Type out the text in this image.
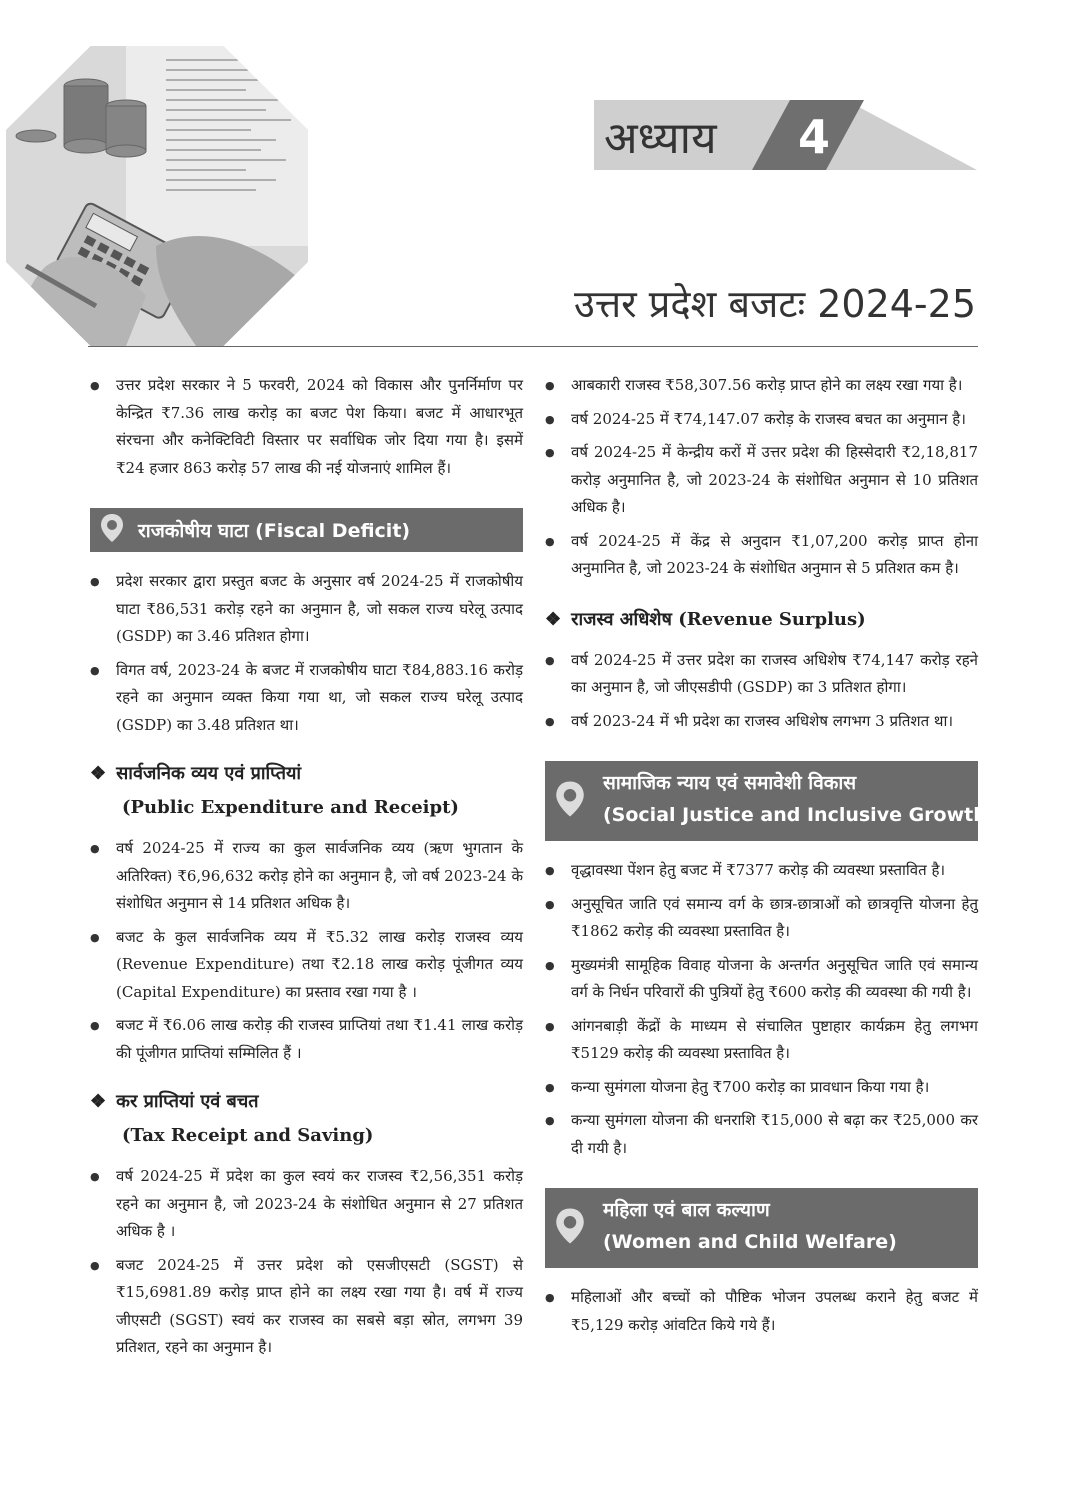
अध्याय 4
उत्तर प्रदेश बजटः 2024-25
● उत्तर प्रदेश सरकार ने 5 फरवरी, 2024 को विकास और पुनर्निर्माण पर केन्द्रित ₹7.36 लाख करोड़ का बजट पेश किया। बजट में आधारभूत संरचना और कनेक्टिविटी विस्तार पर सर्वाधिक जोर दिया गया है। इसमें ₹24 हजार 863 करोड़ 57 लाख की नई योजनाएं शामिल हैं।
राजकोषीय घाटा (Fiscal Deficit)
● प्रदेश सरकार द्वारा प्रस्तुत बजट के अनुसार वर्ष 2024-25 में राजकोषीय घाटा ₹86,531 करोड़ रहने का अनुमान है, जो सकल राज्य घरेलू उत्पाद (GSDP) का 3.46 प्रतिशत होगा।
● विगत वर्ष, 2023-24 के बजट में राजकोषीय घाटा ₹84,883.16 करोड़ रहने का अनुमान व्यक्त किया गया था, जो सकल राज्य घरेलू उत्पाद (GSDP) का 3.48 प्रतिशत था।
❖ सार्वजनिक व्यय एवं प्राप्तियां
(Public Expenditure and Receipt)
● वर्ष 2024-25 में राज्य का कुल सार्वजनिक व्यय (ऋण भुगतान के अतिरिक्त) ₹6,96,632 करोड़ होने का अनुमान है, जो वर्ष 2023-24 के संशोधित अनुमान से 14 प्रतिशत अधिक है।
● बजट के कुल सार्वजनिक व्यय में ₹5.32 लाख करोड़ राजस्व व्यय (Revenue Expenditure) तथा ₹2.18 लाख करोड़ पूंजीगत व्यय (Capital Expenditure) का प्रस्ताव रखा गया है ।
● बजट में ₹6.06 लाख करोड़ की राजस्व प्राप्तियां तथा ₹1.41 लाख करोड़ की पूंजीगत प्राप्तियां सम्मिलित हैं ।
❖ कर प्राप्तियां एवं बचत
(Tax Receipt and Saving)
● वर्ष 2024-25 में प्रदेश का कुल स्वयं कर राजस्व ₹2,56,351 करोड़ रहने का अनुमान है, जो 2023-24 के संशोधित अनुमान से 27 प्रतिशत अधिक है ।
● बजट 2024-25 में उत्तर प्रदेश को एसजीएसटी (SGST) से ₹15,6981.89 करोड़ प्राप्त होने का लक्ष्य रखा गया है। वर्ष में राज्य जीएसटी (SGST) स्वयं कर राजस्व का सबसे बड़ा स्रोत, लगभग 39 प्रतिशत, रहने का अनुमान है।
● आबकारी राजस्व ₹58,307.56 करोड़ प्राप्त होने का लक्ष्य रखा गया है।
● वर्ष 2024-25 में ₹74,147.07 करोड़ के राजस्व बचत का अनुमान है।
● वर्ष 2024-25 में केन्द्रीय करों में उत्तर प्रदेश की हिस्सेदारी ₹2,18,817 करोड़ अनुमानित है, जो 2023-24 के संशोधित अनुमान से 10 प्रतिशत अधिक है।
● वर्ष 2024-25 में केंद्र से अनुदान ₹1,07,200 करोड़ प्राप्त होना अनुमानित है, जो 2023-24 के संशोधित अनुमान से 5 प्रतिशत कम है।
❖ राजस्व अधिशेष (Revenue Surplus)
● वर्ष 2024-25 में उत्तर प्रदेश का राजस्व अधिशेष ₹74,147 करोड़ रहने का अनुमान है, जो जीएसडीपी (GSDP) का 3 प्रतिशत होगा।
● वर्ष 2023-24 में भी प्रदेश का राजस्व अधिशेष लगभग 3 प्रतिशत था।
सामाजिक न्याय एवं समावेशी विकास
(Social Justice and Inclusive Growth)
● वृद्धावस्था पेंशन हेतु बजट में ₹7377 करोड़ की व्यवस्था प्रस्तावित है।
● अनुसूचित जाति एवं समान्य वर्ग के छात्र-छात्राओं को छात्रवृत्ति योजना हेतु ₹1862 करोड़ की व्यवस्था प्रस्तावित है।
● मुख्यमंत्री सामूहिक विवाह योजना के अन्तर्गत अनुसूचित जाति एवं समान्य वर्ग के निर्धन परिवारों की पुत्रियों हेतु ₹600 करोड़ की व्यवस्था की गयी है।
● आंगनबाड़ी केंद्रों के माध्यम से संचालित पुष्टाहार कार्यक्रम हेतु लगभग ₹5129 करोड़ की व्यवस्था प्रस्तावित है।
● कन्या सुमंगला योजना हेतु ₹700 करोड़ का प्रावधान किया गया है।
● कन्या सुमंगला योजना की धनराशि ₹15,000 से बढ़ा कर ₹25,000 कर दी गयी है।
महिला एवं बाल कल्याण
(Women and Child Welfare)
● महिलाओं और बच्चों को पौष्टिक भोजन उपलब्ध कराने हेतु बजट में ₹5,129 करोड़ आंवटित किये गये हैं।
